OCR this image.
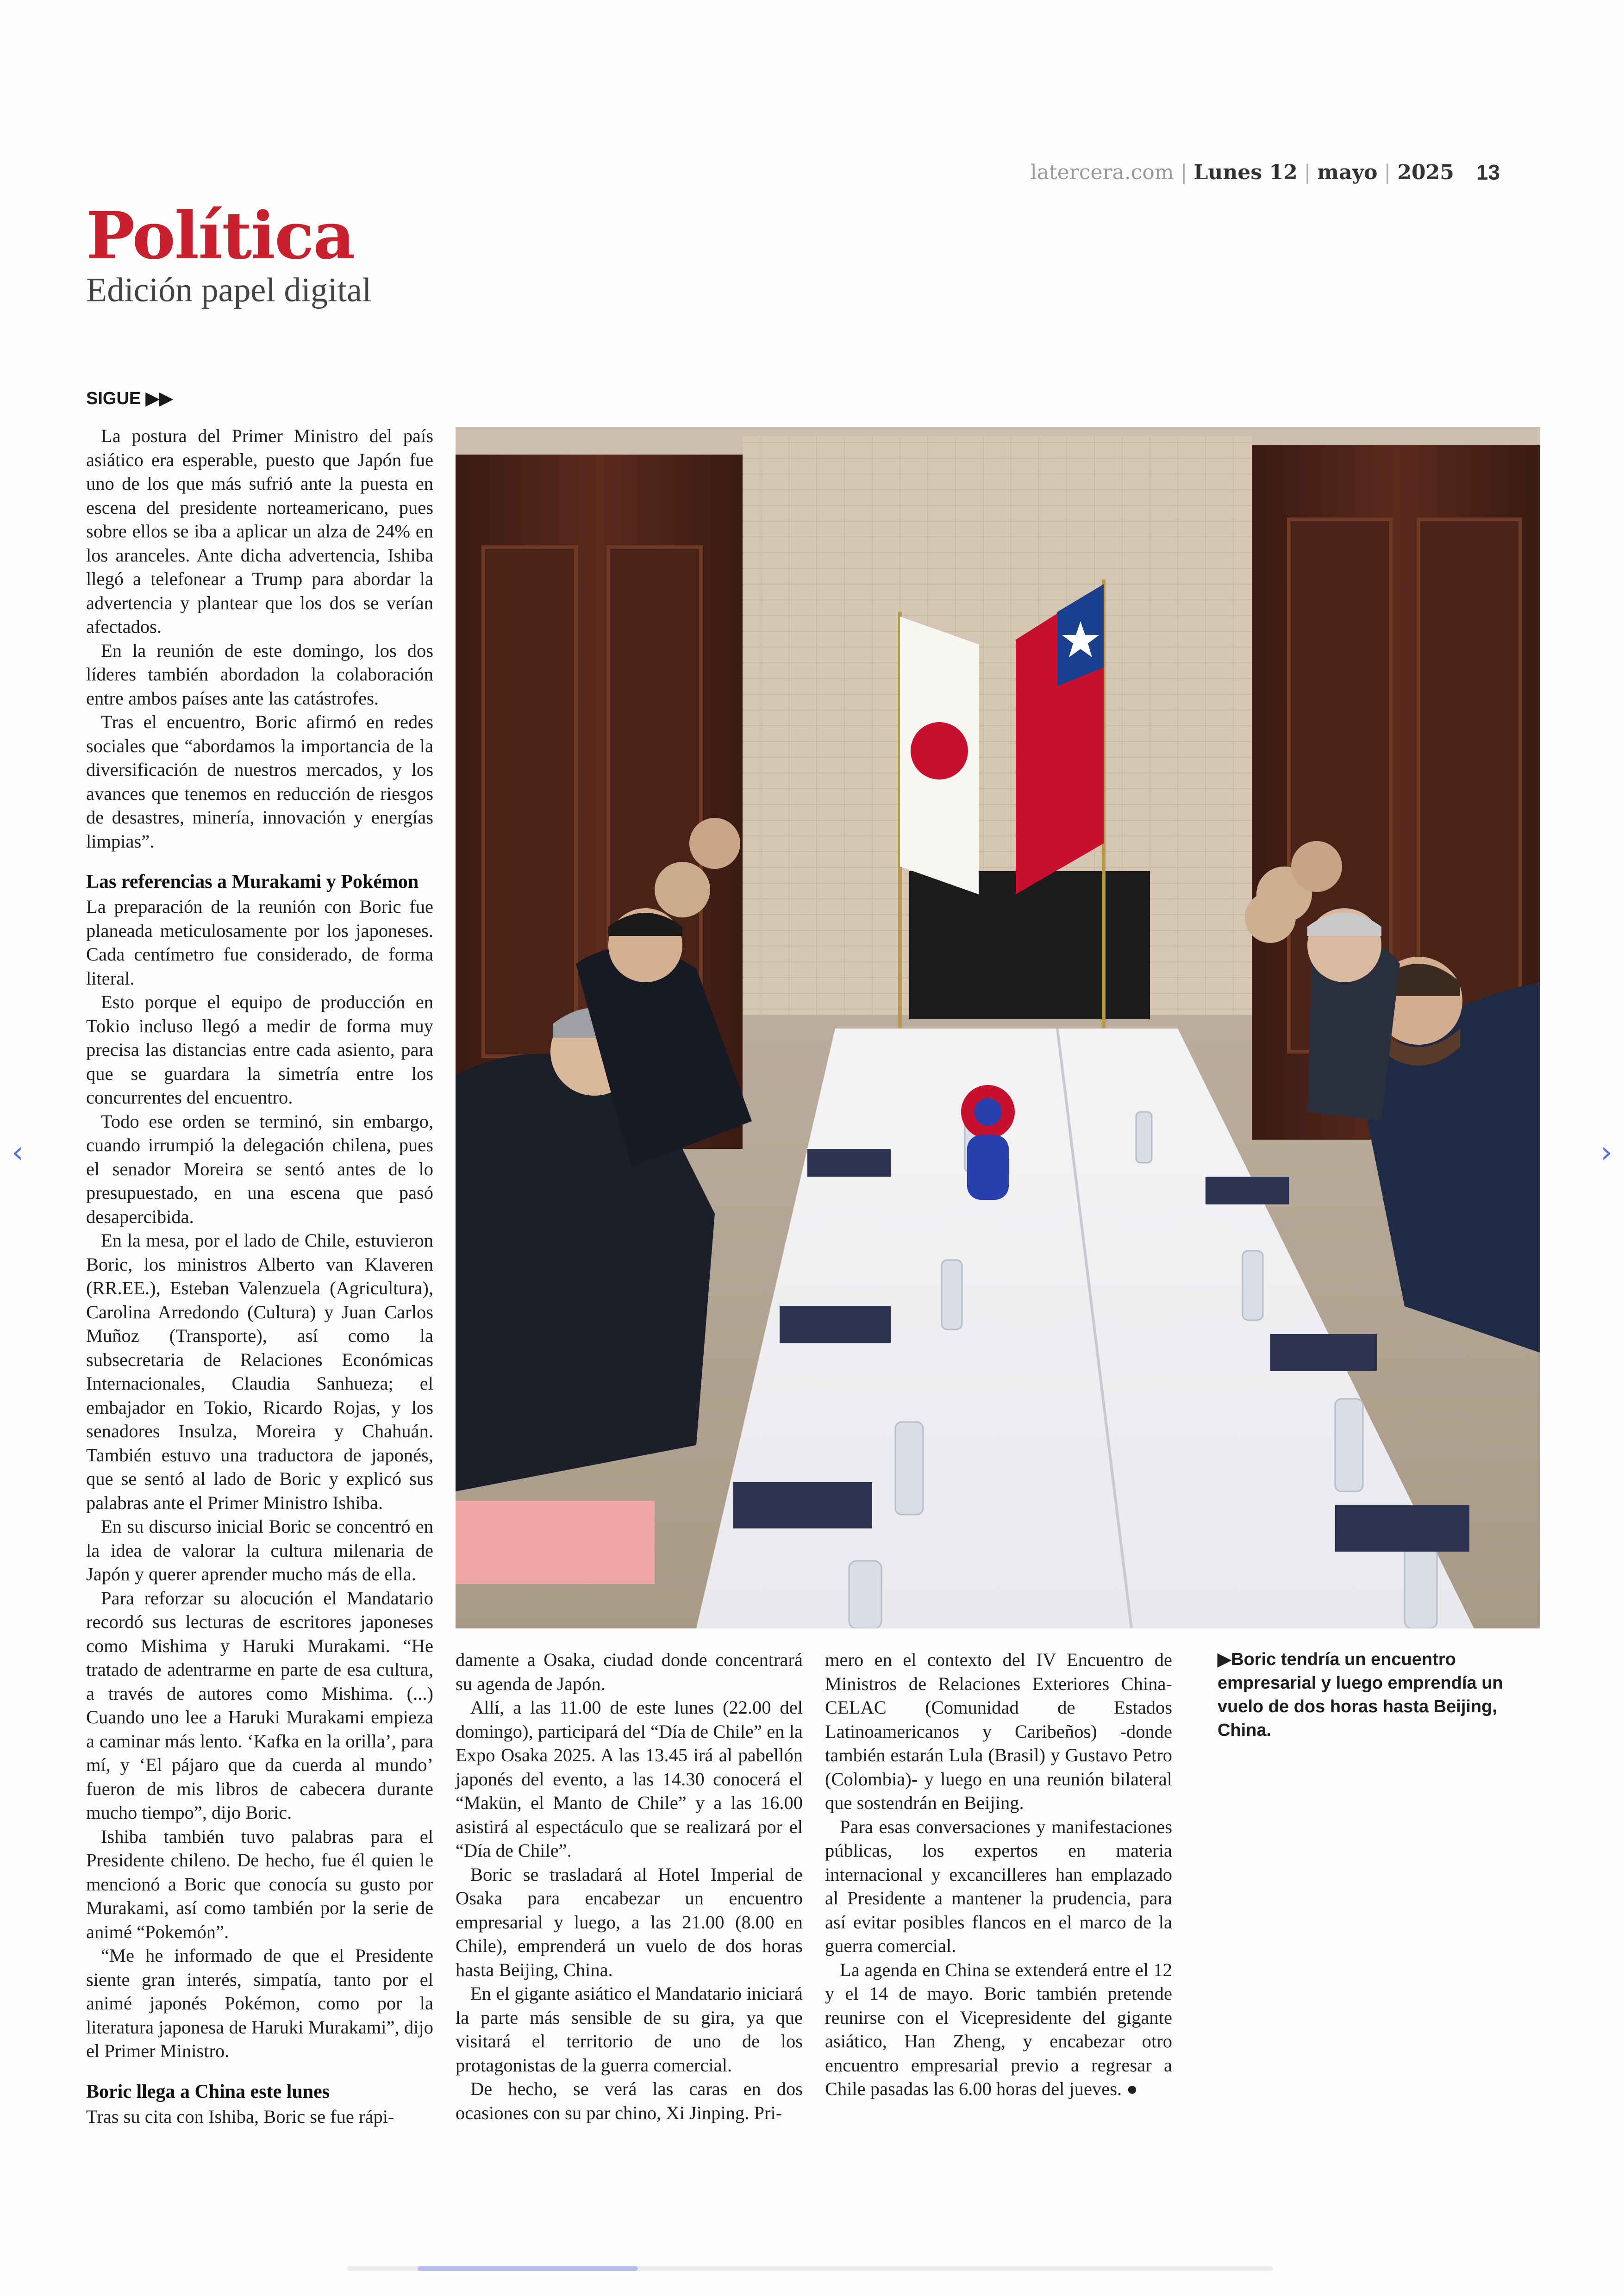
latercera.com | Lunes 12 | mayo | 2025 13
Política
Edición papel digital
SIGUE ▶▶

La postura del Primer Ministro del país asiático era esperable, puesto que Japón fue uno de los que más sufrió ante la puesta en escena del presidente norteamericano, pues sobre ellos se iba a aplicar un alza de 24% en los aranceles. Ante dicha advertencia, Ishiba llegó a telefonear a Trump para abordar la advertencia y plantear que los dos se verían afectados.

En la reunión de este domingo, los dos líderes también abordadon la colaboración entre ambos países ante las catástrofes.

Tras el encuentro, Boric afirmó en redes sociales que “abordamos la importancia de la diversificación de nuestros mercados, y los avances que tenemos en reducción de riesgos de desastres, minería, innovación y energías limpias”.

Las referencias a Murakami y Pokémon

La preparación de la reunión con Boric fue planeada meticulosamente por los japoneses. Cada centímetro fue considerado, de forma literal.

Esto porque el equipo de producción en Tokio incluso llegó a medir de forma muy precisa las distancias entre cada asiento, para que se guardara la simetría entre los concurrentes del encuentro.

Todo ese orden se terminó, sin embargo, cuando irrumpió la delegación chilena, pues el senador Moreira se sentó antes de lo presupuestado, en una escena que pasó desapercibida.

En la mesa, por el lado de Chile, estuvieron Boric, los ministros Alberto van Klaveren (RR.EE.), Esteban Valenzuela (Agricultura), Carolina Arredondo (Cultura) y Juan Carlos Muñoz (Transporte), así como la subsecretaria de Relaciones Económicas Internacionales, Claudia Sanhueza; el embajador en Tokio, Ricardo Rojas, y los senadores Insulza, Moreira y Chahuán. También estuvo una traductora de japonés, que se sentó al lado de Boric y explicó sus palabras ante el Primer Ministro Ishiba.

En su discurso inicial Boric se concentró en la idea de valorar la cultura milenaria de Japón y querer aprender mucho más de ella.

Para reforzar su alocución el Mandatario recordó sus lecturas de escritores japoneses como Mishima y Haruki Murakami. “He tratado de adentrarme en parte de esa cultura, a través de autores como Mishima. (...) Cuando uno lee a Haruki Murakami empieza a caminar más lento. ‘Kafka en la orilla’, para mí, y ‘El pájaro que da cuerda al mundo’ fueron de mis libros de cabecera durante mucho tiempo”, dijo Boric.

Ishiba también tuvo palabras para el Presidente chileno. De hecho, fue él quien le mencionó a Boric que conocía su gusto por Murakami, así como también por la serie de animé “Pokemón”.

“Me he informado de que el Presidente siente gran interés, simpatía, tanto por el animé japonés Pokémon, como por la literatura japonesa de Haruki Murakami”, dijo el Primer Ministro.

Boric llega a China este lunes

Tras su cita con Ishiba, Boric se fue rápi-

damente a Osaka, ciudad donde concentrará su agenda de Japón.

Allí, a las 11.00 de este lunes (22.00 del domingo), participará del “Día de Chile” en la Expo Osaka 2025. A las 13.45 irá al pabellón japonés del evento, a las 14.30 conocerá el “Makün, el Manto de Chile” y a las 16.00 asistirá al espectáculo que se realizará por el “Día de Chile”.

Boric se trasladará al Hotel Imperial de Osaka para encabezar un encuentro empresarial y luego, a las 21.00 (8.00 en Chile), emprenderá un vuelo de dos horas hasta Beijing, China.

En el gigante asiático el Mandatario iniciará la parte más sensible de su gira, ya que visitará el territorio de uno de los protagonistas de la guerra comercial.

De hecho, se verá las caras en dos ocasiones con su par chino, Xi Jinping. Pri-

mero en el contexto del IV Encuentro de Ministros de Relaciones Exteriores China-CELAC (Comunidad de Estados Latinoamericanos y Caribeños) -donde también estarán Lula (Brasil) y Gustavo Petro (Colombia)- y luego en una reunión bilateral que sostendrán en Beijing.

Para esas conversaciones y manifestaciones públicas, los expertos en materia internacional y excancilleres han emplazado al Presidente a mantener la prudencia, para así evitar posibles flancos en el marco de la guerra comercial.

La agenda en China se extenderá entre el 12 y el 14 de mayo. Boric también pretende reunirse con el Vicepresidente del gigante asiático, Han Zheng, y encabezar otro encuentro empresarial previo a regresar a Chile pasadas las 6.00 horas del jueves. ●

▶Boric tendría un encuentro empresarial y luego emprendía un vuelo de dos horas hasta Beijing, China.

‹	›
